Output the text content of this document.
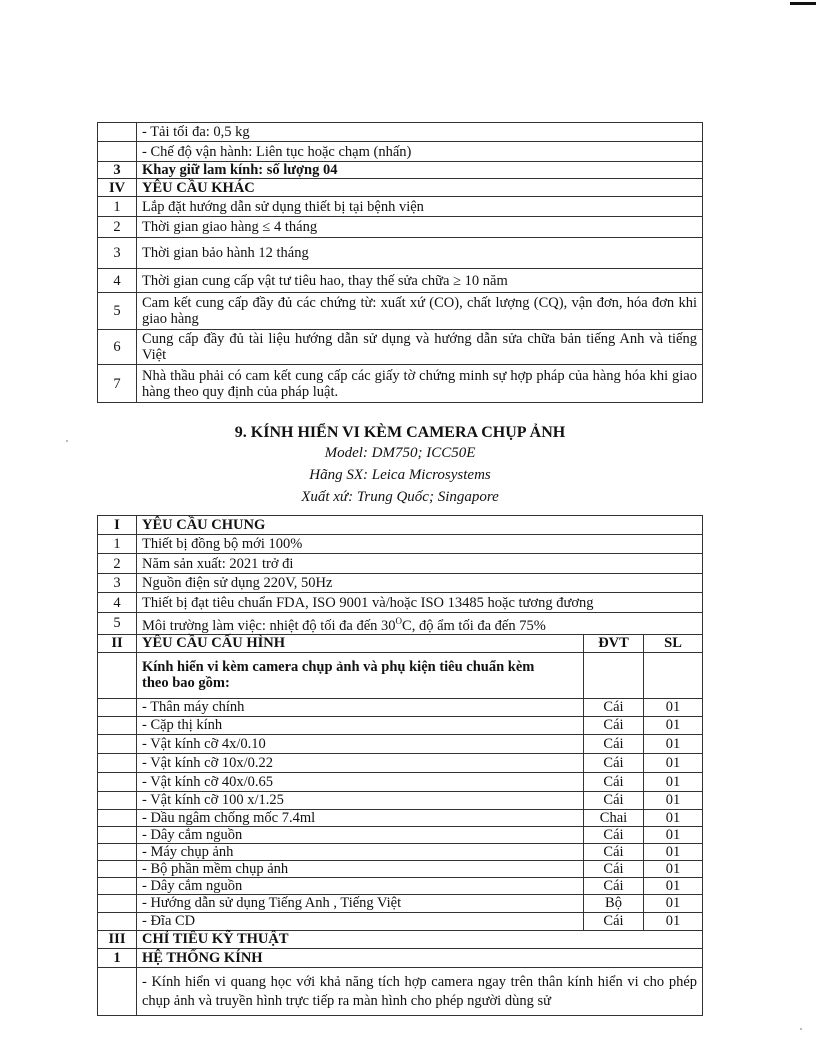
	- Tải tối đa: 0,5 kg
	- Chế độ vận hành: Liên tục hoặc chạm (nhấn)
3	Khay giữ lam kính: số lượng 04
IV	YÊU CẦU KHÁC
1	Lắp đặt hướng dẫn sử dụng thiết bị tại bệnh viện
2	Thời gian giao hàng ≤ 4 tháng
3	Thời gian bảo hành 12 tháng
4	Thời gian cung cấp vật tư tiêu hao, thay thế sửa chữa ≥ 10 năm
5	Cam kết cung cấp đầy đủ các chứng từ: xuất xứ (CO), chất lượng (CQ), vận đơn, hóa đơn khi giao hàng
6	Cung cấp đầy đủ tài liệu hướng dẫn sử dụng và hướng dẫn sửa chữa bản tiếng Anh và tiếng Việt
7	Nhà thầu phải có cam kết cung cấp các giấy tờ chứng minh sự hợp pháp của hàng hóa khi giao hàng theo quy định của pháp luật.
9. KÍNH HIỂN VI KÈM CAMERA CHỤP ẢNH
Model: DM750; ICC50E
Hãng SX: Leica Microsystems
Xuất xứ: Trung Quốc; Singapore
I	YÊU CẦU CHUNG		
1	Thiết bị đồng bộ mới 100%		
2	Năm sản xuất: 2021 trở đi		
3	Nguồn điện sử dụng 220V, 50Hz		
4	Thiết bị đạt tiêu chuẩn FDA, ISO 9001 và/hoặc ISO 13485 hoặc tương đương		
5	Môi trường làm việc: nhiệt độ tối đa đến $30^OC$, độ ẩm tối đa đến 75%		
II	YÊU CẦU CẤU HÌNH	ĐVT	SL
	Kính hiển vi kèm camera chụp ảnh và phụ kiện tiêu chuẩn kèm theo bao gồm:		
	- Thân máy chính	Cái	01
	- Cặp thị kính	Cái	01
	- Vật kính cỡ 4x/0.10	Cái	01
	- Vật kính cỡ 10x/0.22	Cái	01
	- Vật kính cỡ 40x/0.65	Cái	01
	- Vật kính cỡ 100 x/1.25	Cái	01
	- Dầu ngâm chống mốc 7.4ml	Chai	01
	- Dây cắm nguồn	Cái	01
	- Máy chụp ảnh	Cái	01
	- Bộ phần mềm chụp ảnh	Cái	01
	- Dây cắm nguồn	Cái	01
	- Hướng dẫn sử dụng Tiếng Anh , Tiếng Việt	Bộ	01
	- Đĩa CD	Cái	01
III	CHỈ TIÊU KỸ THUẬT		
1	HỆ THỐNG KÍNH		
	- Kính hiển vi quang học với khả năng tích hợp camera ngay trên thân kính hiển vi cho phép chụp ảnh và truyền hình trực tiếp ra màn hình cho phép người dùng sử		
